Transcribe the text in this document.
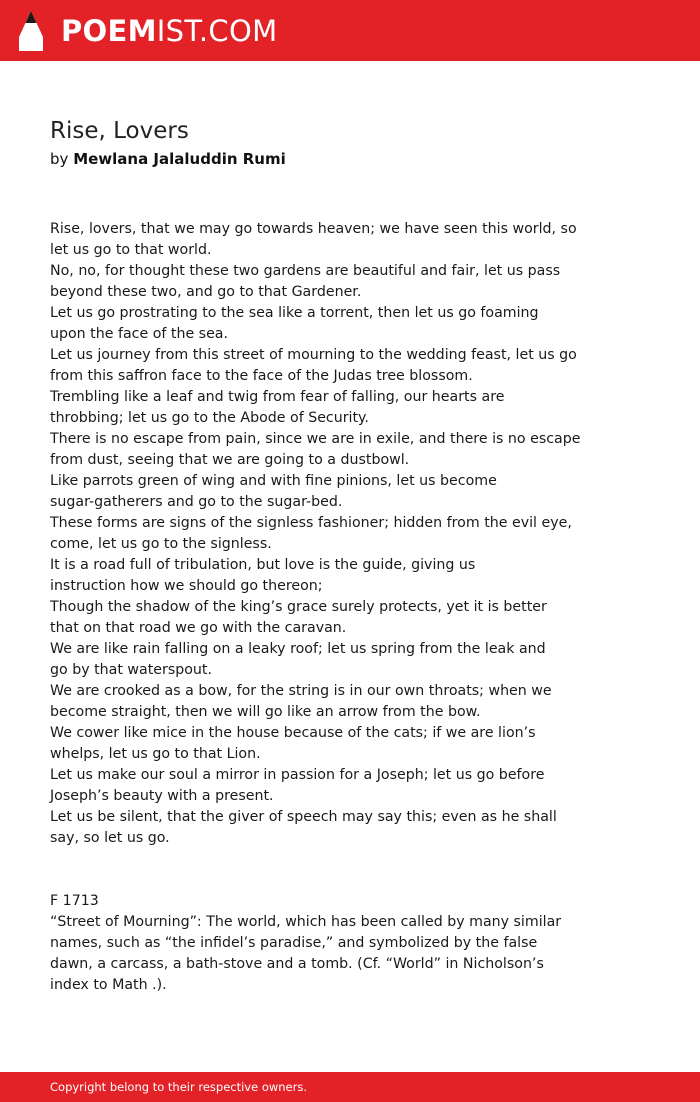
POEMIST.COM
Rise, Lovers
by Mewlana Jalaluddin Rumi
Rise, lovers, that we may go towards heaven; we have seen this world, so
let us go to that world.
No, no, for thought these two gardens are beautiful and fair, let us pass
beyond these two, and go to that Gardener.
Let us go prostrating to the sea like a torrent, then let us go foaming
upon the face of the sea.
Let us journey from this street of mourning to the wedding feast, let us go
from this saffron face to the face of the Judas tree blossom.
Trembling like a leaf and twig from fear of falling, our hearts are
throbbing; let us go to the Abode of Security.
There is no escape from pain, since we are in exile, and there is no escape
from dust, seeing that we are going to a dustbowl.
Like parrots green of wing and with fine pinions, let us become
sugar-gatherers and go to the sugar-bed.
These forms are signs of the signless fashioner; hidden from the evil eye,
come, let us go to the signless.
It is a road full of tribulation, but love is the guide, giving us
instruction how we should go thereon;
Though the shadow of the king’s grace surely protects, yet it is better
that on that road we go with the caravan.
We are like rain falling on a leaky roof; let us spring from the leak and
go by that waterspout.
We are crooked as a bow, for the string is in our own throats; when we
become straight, then we will go like an arrow from the bow.
We cower like mice in the house because of the cats; if we are lion’s
whelps, let us go to that Lion.
Let us make our soul a mirror in passion for a Joseph; let us go before
Joseph’s beauty with a present.
Let us be silent, that the giver of speech may say this; even as he shall
say, so let us go.
F 1713
“Street of Mourning”: The world, which has been called by many similar
names, such as “the infidel’s paradise,” and symbolized by the false
dawn, a carcass, a bath-stove and a tomb. (Cf. “World” in Nicholson’s
index to Math .).
Copyright belong to their respective owners.
